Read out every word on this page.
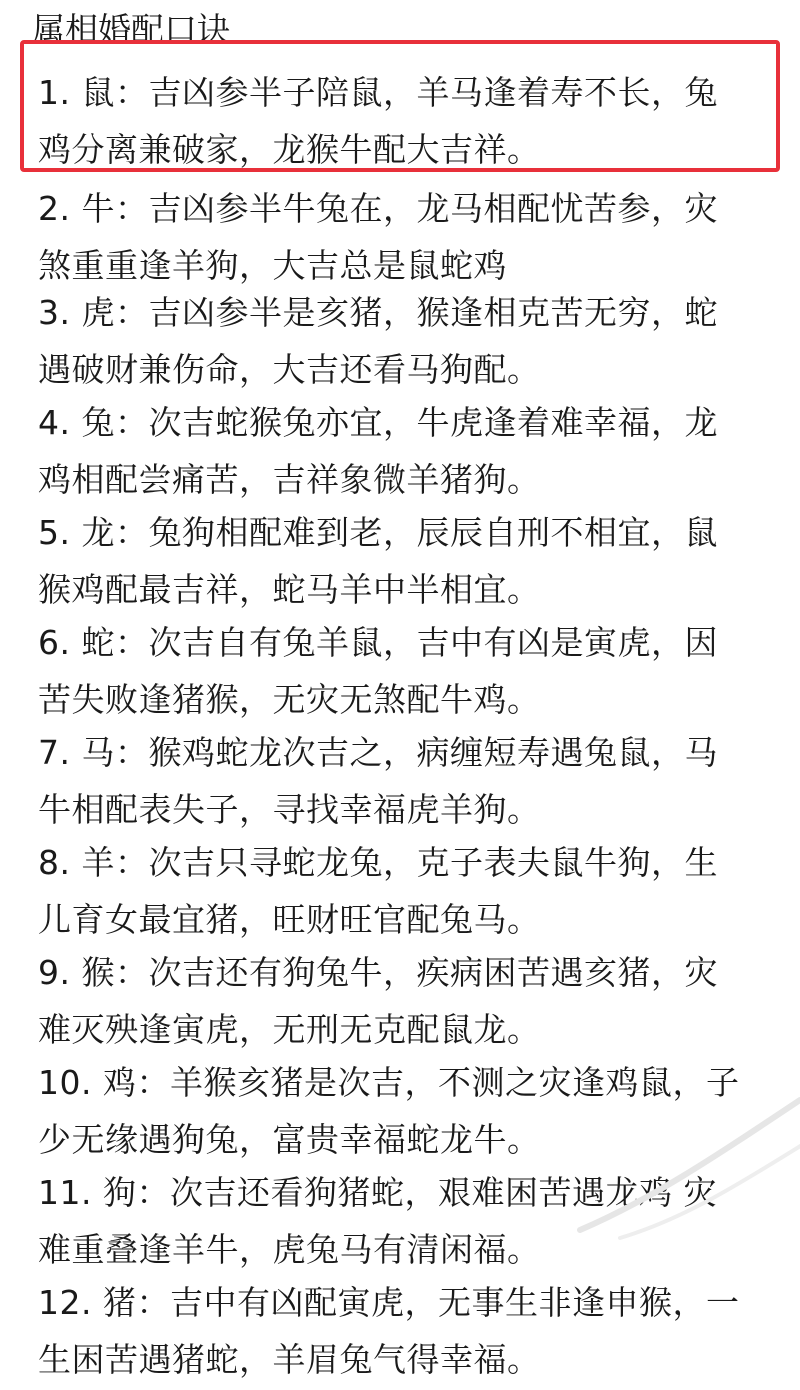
属相婚配口诀
1. 鼠：吉凶参半子陪鼠，羊马逢着寿不长，兔
鸡分离兼破家，龙猴牛配大吉祥。
2. 牛：吉凶参半牛兔在，龙马相配忧苦参，灾
煞重重逢羊狗，大吉总是鼠蛇鸡
3. 虎：吉凶参半是亥猪，猴逢相克苦无穷，蛇
遇破财兼伤命，大吉还看马狗配。
4. 兔：次吉蛇猴兔亦宜，牛虎逢着难幸福，龙
鸡相配尝痛苦，吉祥象微羊猪狗。
5. 龙：兔狗相配难到老，辰辰自刑不相宜，鼠
猴鸡配最吉祥，蛇马羊中半相宜。
6. 蛇：次吉自有兔羊鼠，吉中有凶是寅虎，因
苦失败逢猪猴，无灾无煞配牛鸡。
7. 马：猴鸡蛇龙次吉之，病缠短寿遇兔鼠，马
牛相配表失子，寻找幸福虎羊狗。
8. 羊：次吉只寻蛇龙兔，克子表夫鼠牛狗，生
儿育女最宜猪，旺财旺官配兔马。
9. 猴：次吉还有狗兔牛，疾病困苦遇亥猪，灾
难灭殃逢寅虎，无刑无克配鼠龙。
10. 鸡：羊猴亥猪是次吉，不测之灾逢鸡鼠，子
少无缘遇狗兔，富贵幸福蛇龙牛。
11. 狗：次吉还看狗猪蛇，艰难困苦遇龙鸡 灾
难重叠逢羊牛，虎兔马有清闲福。
12. 猪：吉中有凶配寅虎，无事生非逢申猴，一
生困苦遇猪蛇，羊眉兔气得幸福。
